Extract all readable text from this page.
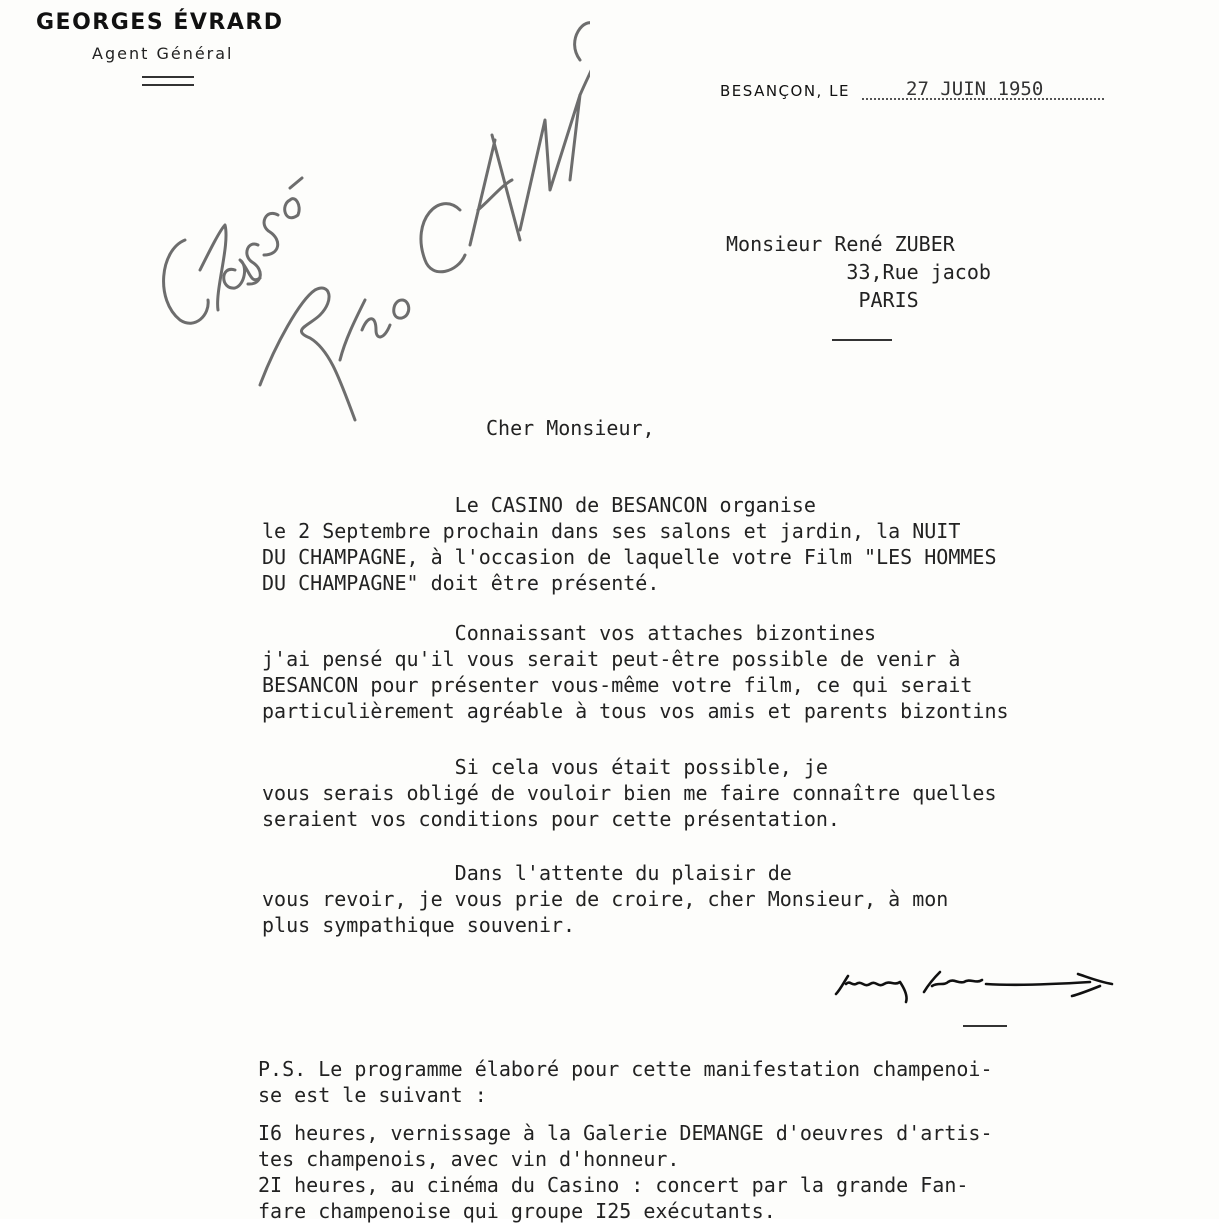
GEORGES ÉVRARD

Agent Général

BESANÇON, LE	27 JUIN 1950

Monsieur René ZUBER
33,Rue jacob
PARIS

Cher Monsieur,

Le CASINO de BESANCON organise
le 2 Septembre prochain dans ses salons et jardin, la NUIT
DU CHAMPAGNE, à l'occasion de laquelle votre Film "LES HOMMES
DU CHAMPAGNE" doit être présenté.

Connaissant vos attaches bizontines
j'ai pensé qu'il vous serait peut-être possible de venir à
BESANCON pour présenter vous-même votre film, ce qui serait
particulièrement agréable à tous vos amis et parents bizontins

Si cela vous était possible, je
vous serais obligé de vouloir bien me faire connaître quelles
seraient vos conditions pour cette présentation.

Dans l'attente du plaisir de
vous revoir, je vous prie de croire, cher Monsieur, à mon
plus sympathique souvenir.

P.S. Le programme élaboré pour cette manifestation champenoi-
se est le suivant :

I6 heures, vernissage à la Galerie DEMANGE d'oeuvres d'artis-
tes champenois, avec vin d'honneur.
2I heures, au cinéma du Casino : concert par la grande Fan-
fare champenoise qui groupe I25 exécutants.
